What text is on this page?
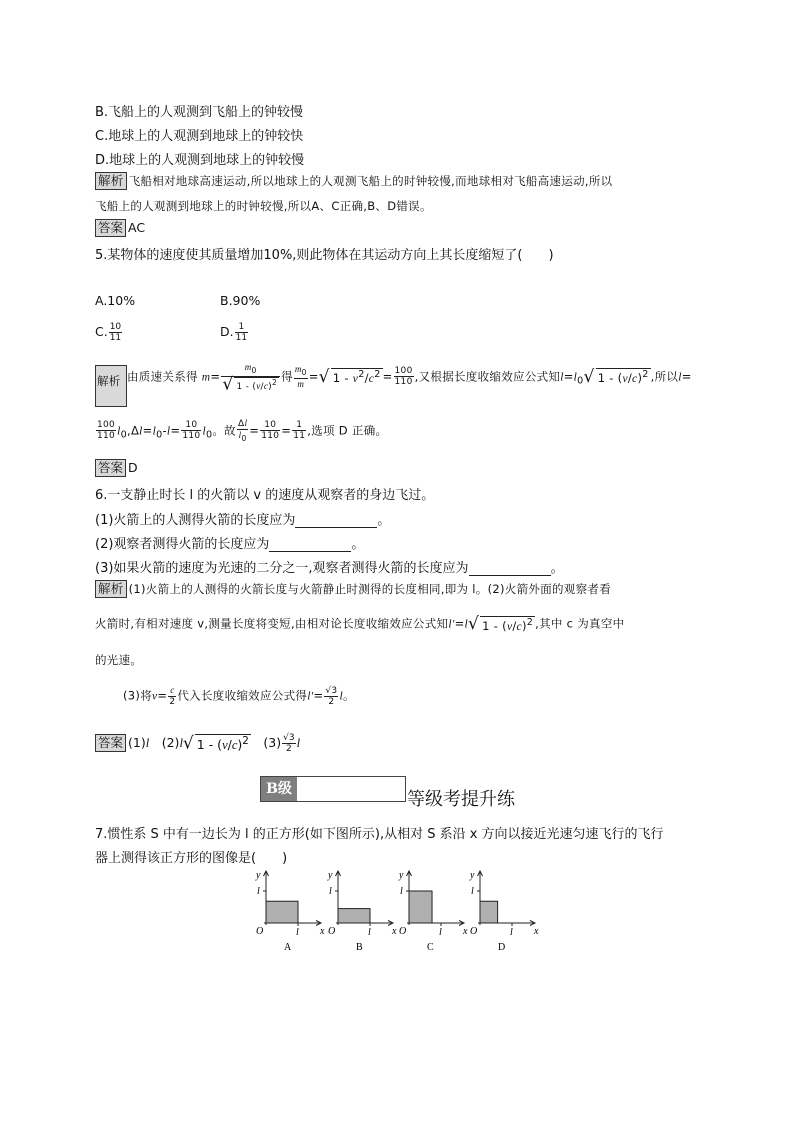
B.飞船上的人观测到飞船上的钟较慢
C.地球上的人观测到地球上的钟较快
D.地球上的人观测到地球上的钟较慢
解析 飞船相对地球高速运动,所以地球上的人观测飞船上的时钟较慢,而地球相对飞船高速运动,所以
飞船上的人观测到地球上的时钟较慢,所以A、C正确,B、D错误。
答案 AC
5.某物体的速度使其质量增加10%,则此物体在其运动方向上其长度缩短了(　　)
A.10%	B.90%
C. $\frac{10}{11}$	D. $\frac{1}{11}$
解析 由质速关系得 $m= \frac{m_0}{√ 1 - (v/c)^2}$ 得 $\frac{m_0}{m}$ =√ $1 - v^2/c^2 = \frac{100}{110}$ ,又根据长度收缩效应公式知$l=l_0√$ $1 - (v/c)^2$ ,所以l=
$\frac{100}{110} l_0,\Delta l=l_0-l= \frac{10}{110} l_0$。故 $\frac{\Delta l}{l_0} = \frac{10}{110} = \frac{1}{11}$ ,选项 D 正确。
答案 D
6.一支静止时长 l 的火箭以 v 的速度从观察者的身边飞过。
(1)火箭上的人测得火箭的长度应为	。
(2)观察者测得火箭的长度应为	。
(3)如果火箭的速度为光速的二分之一,观察者测得火箭的长度应为	。
解析 (1)火箭上的人测得的火箭长度与火箭静止时测得的长度相同,即为 l。(2)火箭外面的观察者看
火箭时,有相对速度 v,测量长度将变短,由相对论长度收缩效应公式知l'=l√ $1 - (v/c)^2$ ,其中 c 为真空中
的光速。
(3)将$v= \frac{c}{2}$ 代入长度收缩效应公式得$l'= \frac{√3}{2}$ l。
答案 (1)l　(2)l√ $1 - (v/c)^2$　$(3) \frac{√3}{2}$ l
B级	等级考提升练
7.惯性系 S 中有一边长为 l 的正方形(如下图所示),从相对 S 系沿 x 方向以接近光速匀速飞行的飞行
器上测得该正方形的图像是(　　)
y
l
O	l x
A
y
l
O	l x
B
y
l
O	l x
C
y
l
O	l x
D
